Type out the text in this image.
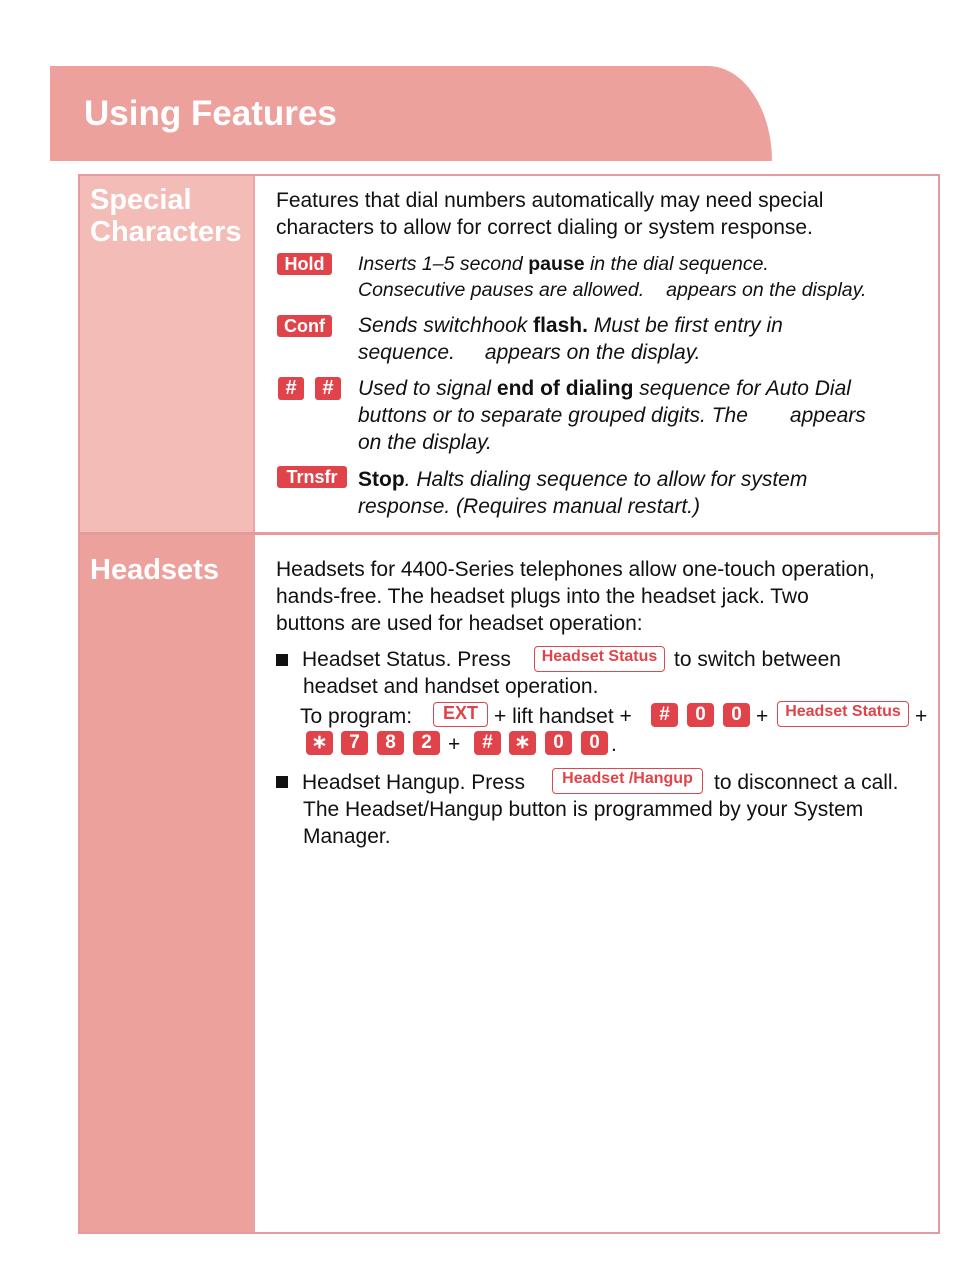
Using Features

Special
Characters

Features that dial numbers automatically may need special
characters to allow for correct dialing or system response.

Hold	Inserts 1–5 second pause in the dial sequence.
Consecutive pauses are allowed. appears on the display.

Conf	Sends switchhook flash. Must be first entry in
sequence. appears on the display.

#	#	Used to signal end of dialing sequence for Auto Dial
buttons or to separate grouped digits. The appears
on the display.

Trnsfr Stop. Halts dialing sequence to allow for system
response. (Requires manual restart.)

Headsets	Headsets for 4400-Series telephones allow one-touch operation,
hands-free. The headset plugs into the headset jack. Two
buttons are used for headset operation:

Headset Status. Press	Headset Status to switch between

headset and handset operation.

To program:	EXT + lift handset +	#	0	0 +	Headset Status +

∗	7	8	2 +	#	∗	0	0 .

Headset Hangup. Press	Headset /Hangup	to disconnect a call.

The Headset/Hangup button is programmed by your System

Manager.
